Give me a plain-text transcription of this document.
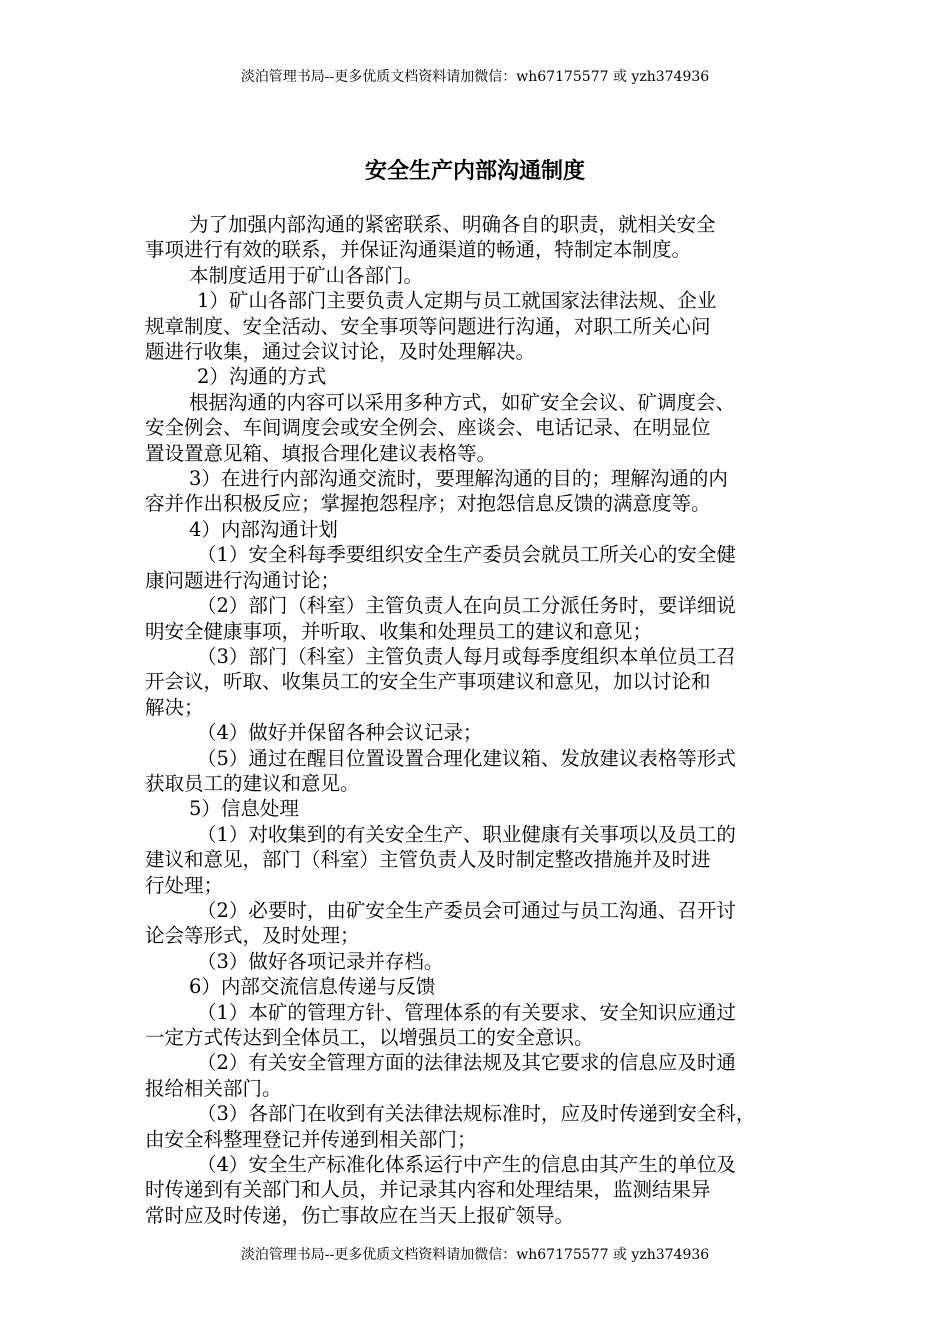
淡泊管理书局--更多优质文档资料请加微信：wh67175577 或 yzh374936
安全生产内部沟通制度

为了加强内部沟通的紧密联系、明确各自的职责，就相关安全

事项进行有效的联系，并保证沟通渠道的畅通，特制定本制度。

本制度适用于矿山各部门。

1）矿山各部门主要负责人定期与员工就国家法律法规、企业

规章制度、安全活动、安全事项等问题进行沟通，对职工所关心问

题进行收集，通过会议讨论，及时处理解决。

2）沟通的方式

根据沟通的内容可以采用多种方式，如矿安全会议、矿调度会、

安全例会、车间调度会或安全例会、座谈会、电话记录、在明显位

置设置意见箱、填报合理化建议表格等。

3）在进行内部沟通交流时，要理解沟通的目的；理解沟通的内

容并作出积极反应；掌握抱怨程序；对抱怨信息反馈的满意度等。

4）内部沟通计划

（1）安全科每季要组织安全生产委员会就员工所关心的安全健

康问题进行沟通讨论；

（2）部门（科室）主管负责人在向员工分派任务时，要详细说

明安全健康事项，并听取、收集和处理员工的建议和意见；

（3）部门（科室）主管负责人每月或每季度组织本单位员工召

开会议，听取、收集员工的安全生产事项建议和意见，加以讨论和

解决；

（4）做好并保留各种会议记录；

（5）通过在醒目位置设置合理化建议箱、发放建议表格等形式

获取员工的建议和意见。

5）信息处理

（1）对收集到的有关安全生产、职业健康有关事项以及员工的

建议和意见，部门（科室）主管负责人及时制定整改措施并及时进

行处理；

（2）必要时，由矿安全生产委员会可通过与员工沟通、召开讨

论会等形式，及时处理；

（3）做好各项记录并存档。

6）内部交流信息传递与反馈

（1）本矿的管理方针、管理体系的有关要求、安全知识应通过

一定方式传达到全体员工，以增强员工的安全意识。

（2）有关安全管理方面的法律法规及其它要求的信息应及时通

报给相关部门。

（3）各部门在收到有关法律法规标准时，应及时传递到安全科，

由安全科整理登记并传递到相关部门；

（4）安全生产标准化体系运行中产生的信息由其产生的单位及

时传递到有关部门和人员，并记录其内容和处理结果，监测结果异

常时应及时传递，伤亡事故应在当天上报矿领导。

淡泊管理书局--更多优质文档资料请加微信：wh67175577 或 yzh374936
